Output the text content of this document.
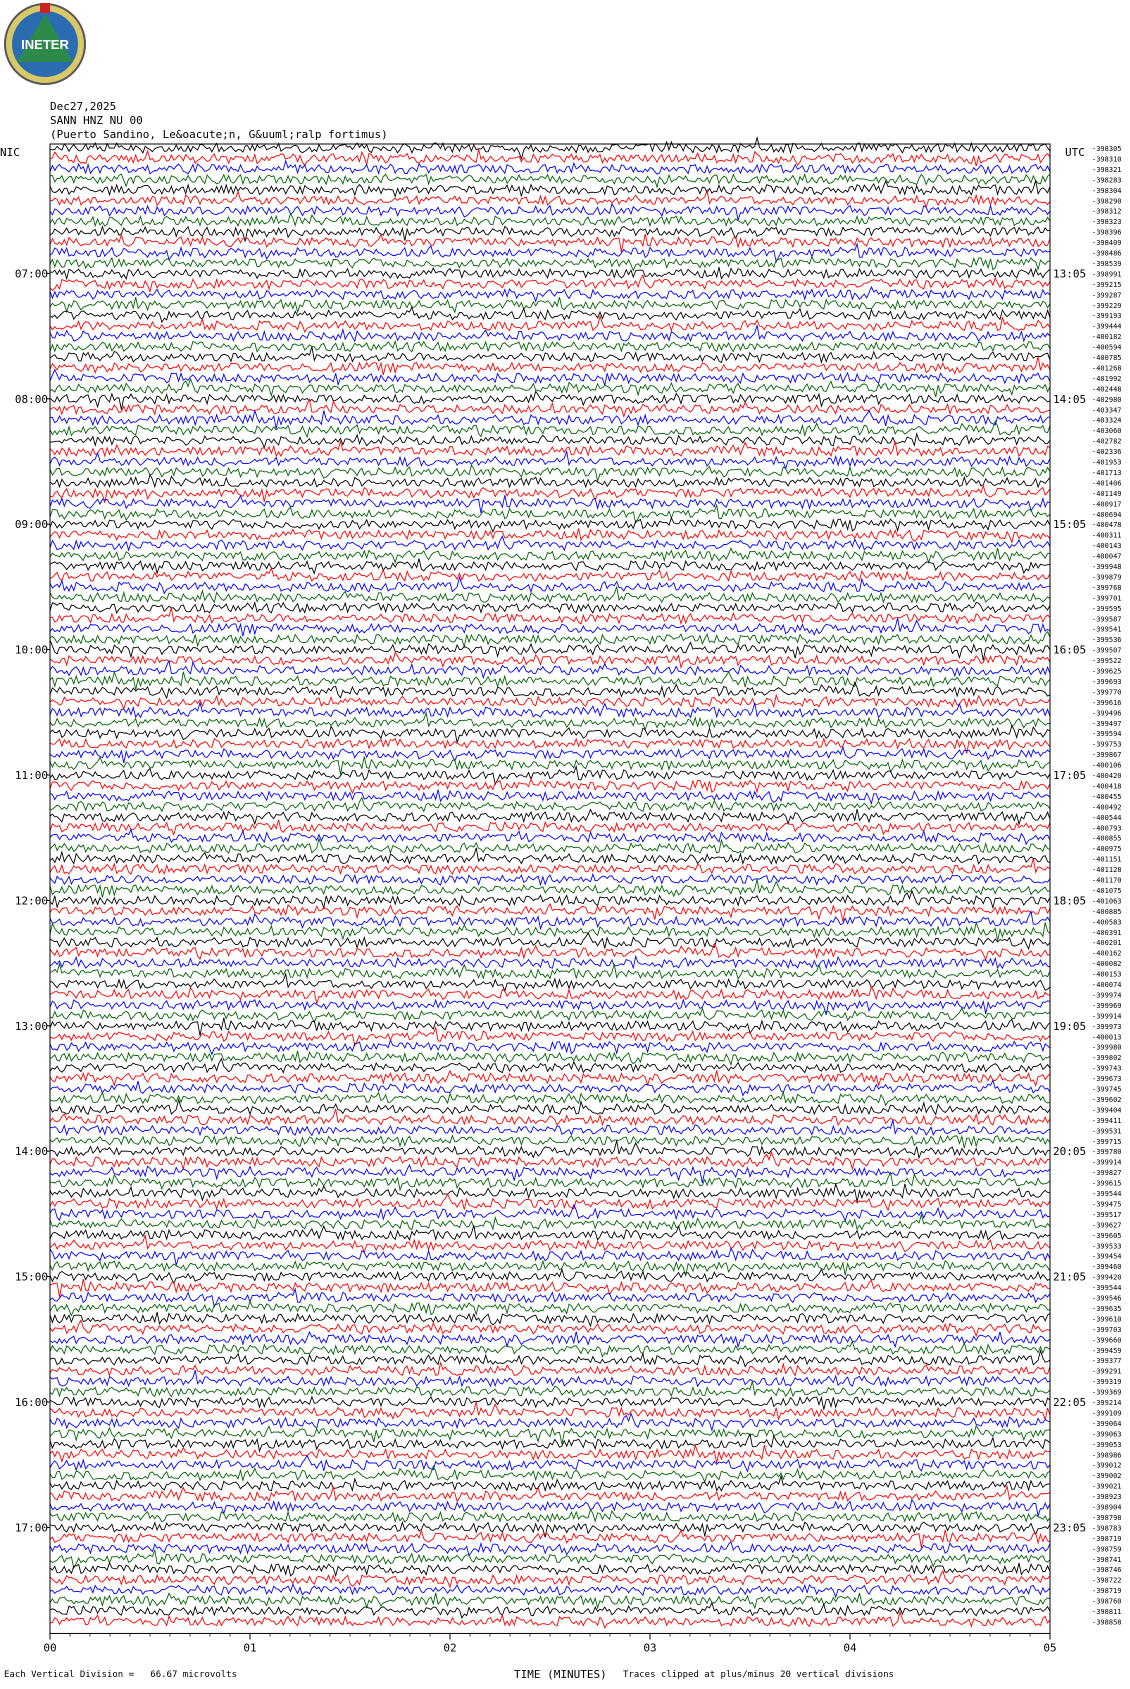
INETER
Dec27,2025
SANN HNZ NU 00
(Puerto Sandino, Le&oacute;n, G&uuml;ralp fortimus)
NIC	UTC
00	01	02	03	04	05
07:00
08:00
09:00
10:00
11:00
12:00
13:00
14:00
15:00
16:00
17:00
13:05
14:05
15:05
16:05
17:05
18:05
19:05
20:05
21:05
22:05
23:05
-398305
-398310
-398321
-398283
-398304
-398290
-398312
-398323
-398396
-398409
-398486
-398539
-398991
-399215
-399287
-399229
-399193
-399444
-400182
-400594
-400785
-401268
-401992
-402448
-402980
-403347
-403324
-403060
-402782
-402336
-401953
-401713
-401406
-401149
-400917
-400694
-400478
-400311
-400143
-400047
-399948
-399879
-399768
-399701
-399595
-399587
-399541
-399536
-399507
-399522
-399625
-399693
-399770
-399616
-399496
-399497
-399594
-399753
-399867
-400106
-400420
-400418
-400455
-400492
-400544
-400793
-400855
-400975
-401151
-401128
-401170
-401075
-401063
-400885
-400583
-400391
-400201
-400162
-400082
-400153
-400074
-399974
-399969
-399914
-399973
-400013
-399980
-399802
-399743
-399673
-399745
-399602
-399404
-399411
-399531
-399715
-399780
-399914
-399827
-399615
-399544
-399475
-399517
-399627
-399605
-399533
-399454
-399460
-399420
-399544
-399546
-399635
-399610
-399703
-399660
-399459
-399377
-399291
-399319
-399369
-399214
-399109
-399064
-399063
-399053
-398986
-399012
-399002
-399021
-398923
-398904
-398798
-398783
-398719
-398759
-398741
-398746
-398722
-398719
-398760
-398811
-398858
Each Vertical Division =   66.67 microvolts	TIME (MINUTES) Traces clipped at plus/minus 20 vertical divisions
